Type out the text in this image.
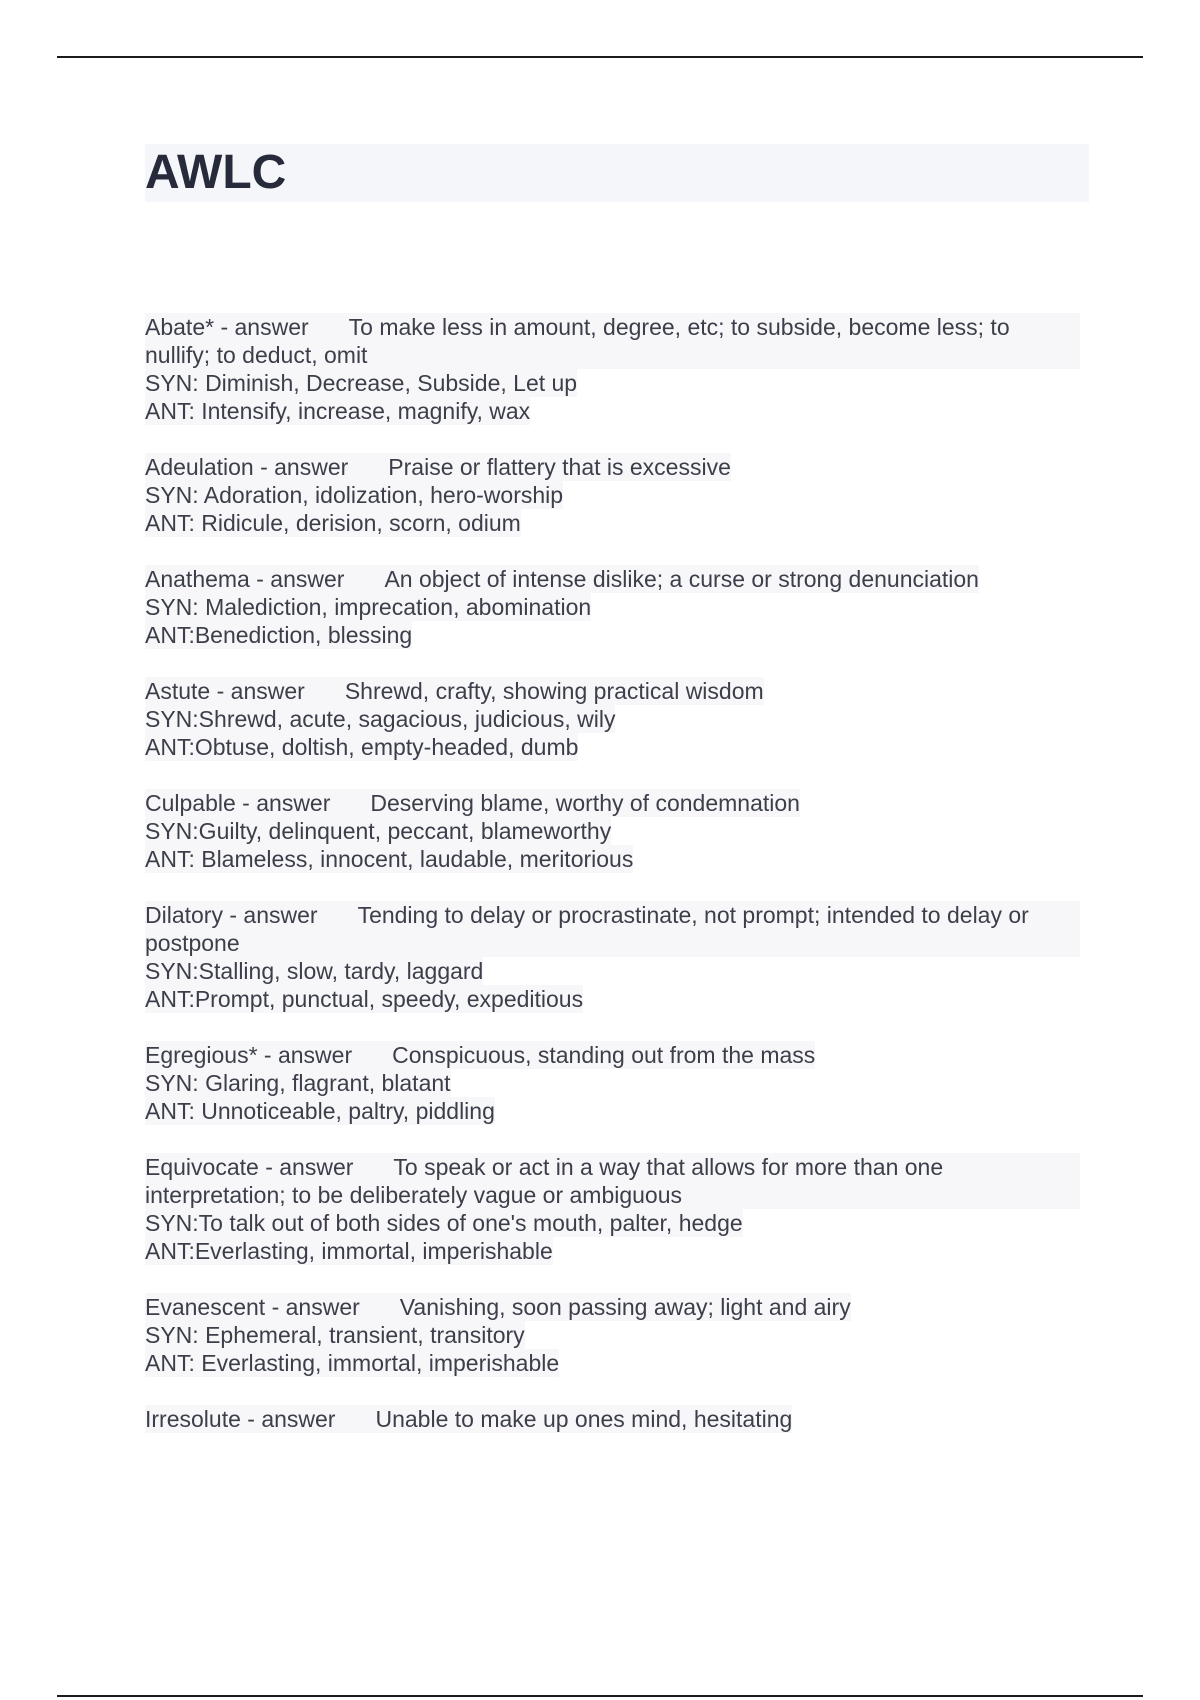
AWLC
Abate* - answer To make less in amount, degree, etc; to subside, become less; to nullify; to deduct, omit
SYN: Diminish, Decrease, Subside, Let up
ANT: Intensify, increase, magnify, wax
Adeulation - answer Praise or flattery that is excessive
SYN: Adoration, idolization, hero-worship
ANT: Ridicule, derision, scorn, odium
Anathema - answer An object of intense dislike; a curse or strong denunciation
SYN: Malediction, imprecation, abomination
ANT:Benediction, blessing
Astute - answer Shrewd, crafty, showing practical wisdom
SYN:Shrewd, acute, sagacious, judicious, wily
ANT:Obtuse, doltish, empty-headed, dumb
Culpable - answer Deserving blame, worthy of condemnation
SYN:Guilty, delinquent, peccant, blameworthy
ANT: Blameless, innocent, laudable, meritorious
Dilatory - answer Tending to delay or procrastinate, not prompt; intended to delay or postpone
SYN:Stalling, slow, tardy, laggard
ANT:Prompt, punctual, speedy, expeditious
Egregious* - answer Conspicuous, standing out from the mass
SYN: Glaring, flagrant, blatant
ANT: Unnoticeable, paltry, piddling
Equivocate - answer To speak or act in a way that allows for more than one interpretation; to be deliberately vague or ambiguous
SYN:To talk out of both sides of one's mouth, palter, hedge
ANT:Everlasting, immortal, imperishable
Evanescent - answer Vanishing, soon passing away; light and airy
SYN: Ephemeral, transient, transitory
ANT: Everlasting, immortal, imperishable
Irresolute - answer Unable to make up ones mind, hesitating
